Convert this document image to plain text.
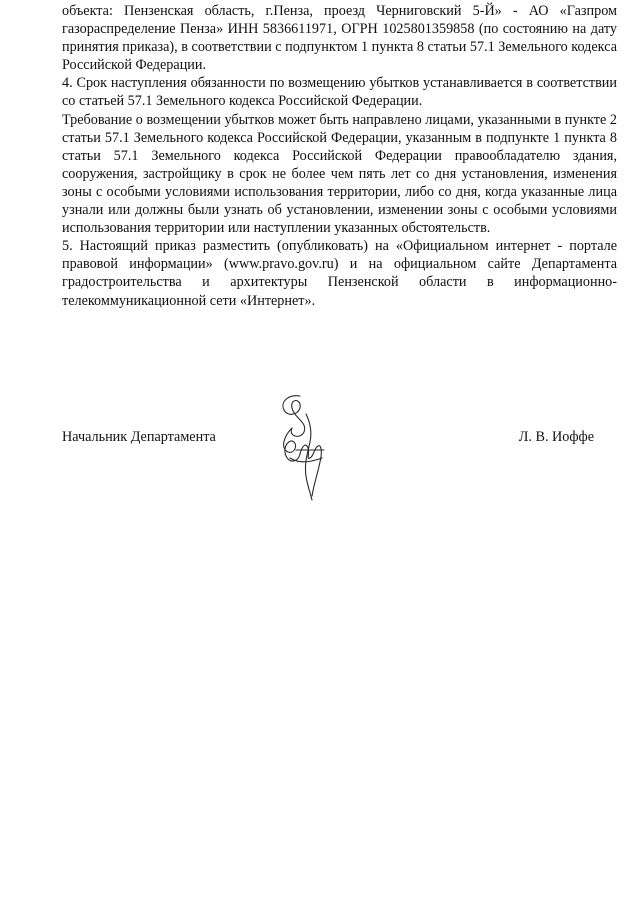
объекта: Пензенская область, г.Пенза, проезд Черниговский 5-Й» - АО «Газпром газораспределение Пенза» ИНН 5836611971, ОГРН 1025801359858 (по состоянию на дату принятия приказа), в соответствии с подпунктом 1 пункта 8 статьи 57.1 Земельного кодекса Российской Федерации.

4. Срок наступления обязанности по возмещению убытков устанавливается в соответствии со статьей 57.1 Земельного кодекса Российской Федерации.

Требование о возмещении убытков может быть направлено лицами, указанными в пункте 2 статьи 57.1 Земельного кодекса Российской Федерации, указанным в подпункте 1 пункта 8 статьи 57.1 Земельного кодекса Российской Федерации правообладателю здания, сооружения, застройщику в срок не более чем пять лет со дня установления, изменения зоны с особыми условиями использования территории, либо со дня, когда указанные лица узнали или должны были узнать об установлении, изменении зоны с особыми условиями использования территории или наступлении указанных обстоятельств.

5. Настоящий приказ разместить (опубликовать) на «Официальном интернет - портале правовой информации» (www.pravo.gov.ru) и на официальном сайте Департамента градостроительства и архитектуры Пензенской области в информационно-телекоммуникационной сети «Интернет».

Начальник Департамента	Л. В. Иоффе
